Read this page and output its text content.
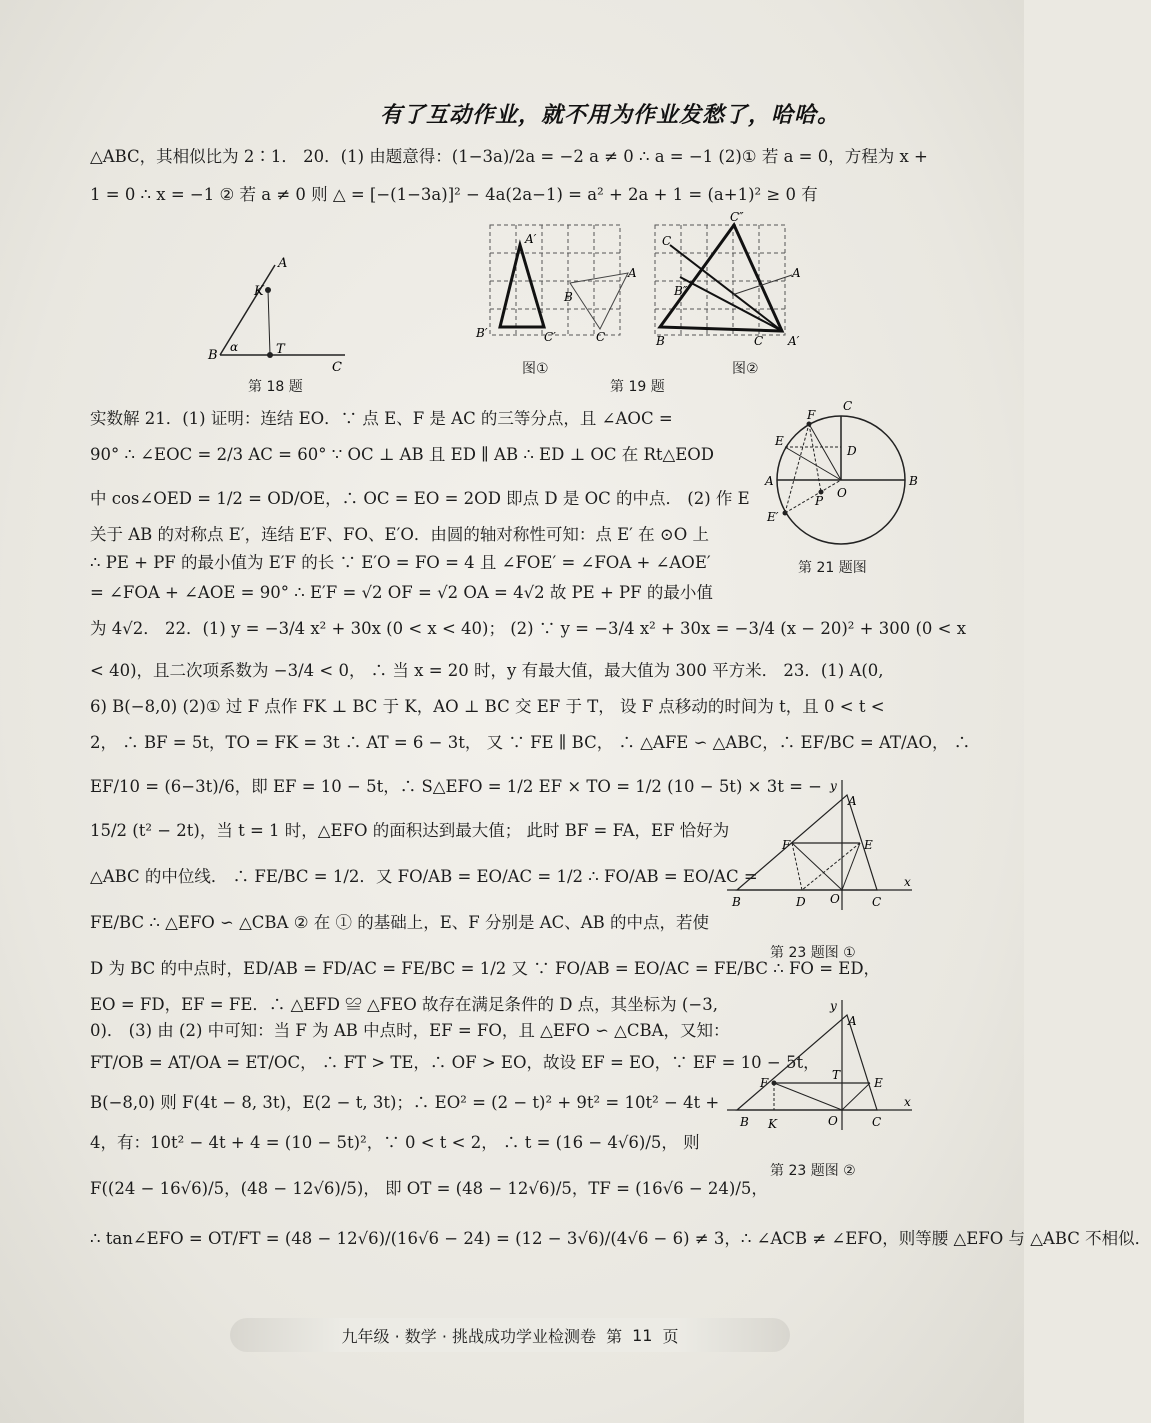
有了互动作业，就不用为作业发愁了，哈哈。
△ABC，其相似比为 2∶1． 20．(1) 由题意得：(1−3a)/2a = −2 a ≠ 0 ∴ a = −1 (2)① 若 a = 0，方程为 x +
1 = 0 ∴ x = −1 ② 若 a ≠ 0 则 △ = [−(1−3a)]² − 4a(2a−1) = a² + 2a + 1 = (a+1)² ≥ 0 有
A
K
B
α	T
C
第 18 题
A′
B′	C′
B
A
C
C″
C
B″
A
B	C A′
图①	图②
第 19 题
F
C
E
D
A	B
O
P
E′
第 21 题图
实数解 21．(1) 证明：连结 EO．∵ 点 E、F 是 AC 的三等分点，且 ∠AOC =
90° ∴ ∠EOC = 2/3 AC = 60° ∵ OC ⊥ AB 且 ED ∥ AB ∴ ED ⊥ OC 在 Rt△EOD
中 cos∠OED = 1/2 = OD/OE，∴ OC = EO = 2OD 即点 D 是 OC 的中点． (2) 作 E
关于 AB 的对称点 E′，连结 E′F、FO、E′O．由圆的轴对称性可知：点 E′ 在 ⊙O 上
∴ PE + PF 的最小值为 E′F 的长 ∵ E′O = FO = 4 且 ∠FOE′ = ∠FOA + ∠AOE′
= ∠FOA + ∠AOE = 90° ∴ E′F = √2 OF = √2 OA = 4√2 故 PE + PF 的最小值
为 4√2． 22．(1) y = −3/4 x² + 30x (0 < x < 40)； (2) ∵ y = −3/4 x² + 30x = −3/4 (x − 20)² + 300 (0 < x
< 40)，且二次项系数为 −3/4 < 0， ∴ 当 x = 20 时，y 有最大值，最大值为 300 平方米． 23．(1) A(0,
6) B(−8,0) (2)① 过 F 点作 FK ⊥ BC 于 K，AO ⊥ BC 交 EF 于 T， 设 F 点移动的时间为 t，且 0 < t <
2， ∴ BF = 5t，TO = FK = 3t ∴ AT = 6 − 3t， 又 ∵ FE ∥ BC， ∴ △AFE ∽ △ABC，∴ EF/BC = AT/AO， ∴
y
A
F	E
B	D O	C
x
第 23 题图 ①
y
A
F
T
E
B K	O	C
x
第 23 题图 ②
EF/10 = (6−3t)/6，即 EF = 10 − 5t，∴ S△EFO = 1/2 EF × TO = 1/2 (10 − 5t) × 3t = −
15/2 (t² − 2t)，当 t = 1 时，△EFO 的面积达到最大值； 此时 BF = FA，EF 恰好为
△ABC 的中位线． ∴ FE/BC = 1/2．又 FO/AB = EO/AC = 1/2 ∴ FO/AB = EO/AC =
FE/BC ∴ △EFO ∽ △CBA ② 在 ① 的基础上，E、F 分别是 AC、AB 的中点，若使
D 为 BC 的中点时，ED/AB = FD/AC = FE/BC = 1/2 又 ∵ FO/AB = EO/AC = FE/BC ∴ FO = ED，
EO = FD，EF = FE．∴ △EFD ≌ △FEO 故存在满足条件的 D 点，其坐标为 (−3,
0)． (3) 由 (2) 中可知：当 F 为 AB 中点时，EF = FO，且 △EFO ∽ △CBA，又知：
FT/OB = AT/OA = ET/OC， ∴ FT > TE，∴ OF > EO，故设 EF = EO，∵ EF = 10 − 5t，
B(−8,0) 则 F(4t − 8, 3t)，E(2 − t, 3t)；∴ EO² = (2 − t)² + 9t² = 10t² − 4t +
4，有：10t² − 4t + 4 = (10 − 5t)²，∵ 0 < t < 2， ∴ t = (16 − 4√6)/5， 则
F((24 − 16√6)/5，(48 − 12√6)/5)， 即 OT = (48 − 12√6)/5，TF = (16√6 − 24)/5，
∴ tan∠EFO = OT/FT = (48 − 12√6)/(16√6 − 24) = (12 − 3√6)/(4√6 − 6) ≠ 3，∴ ∠ACB ≠ ∠EFO，则等腰 △EFO 与 △ABC 不相似．
九年级 · 数学 · 挑战成功学业检测卷 第 11 页
